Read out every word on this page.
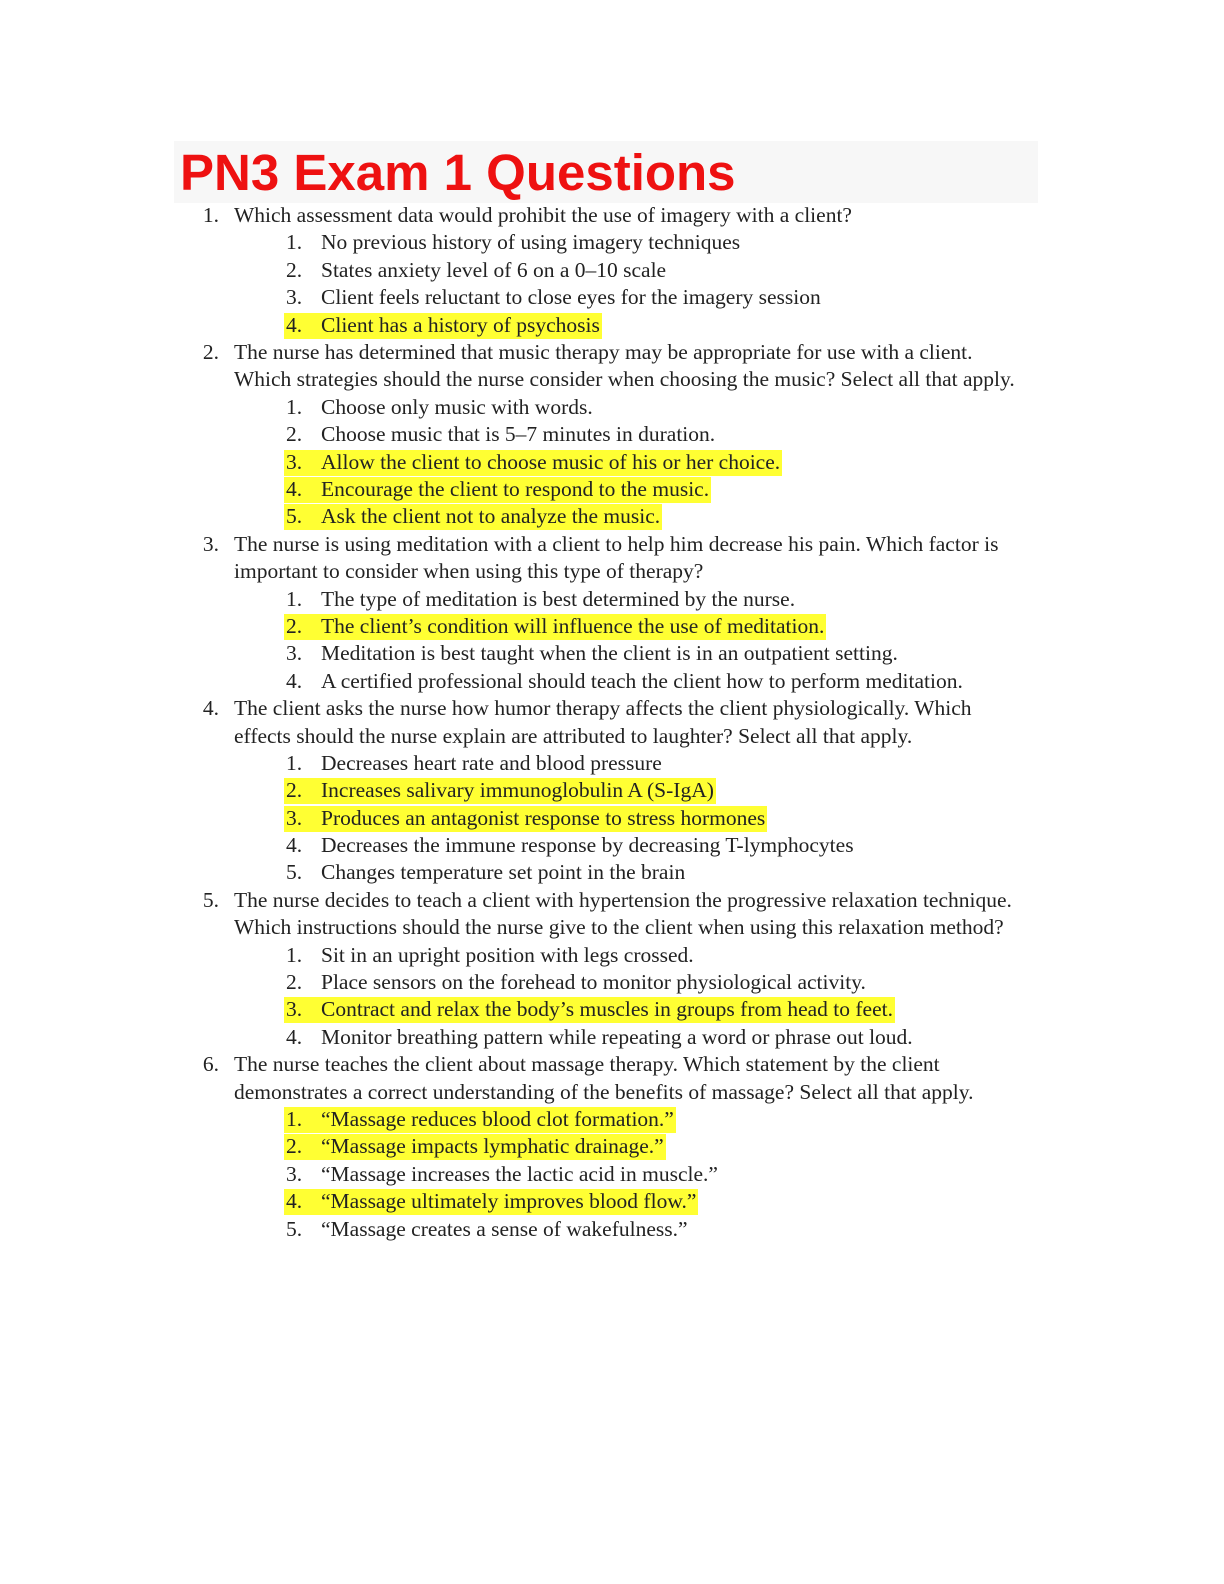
PN3 Exam 1 Questions
1. Which assessment data would prohibit the use of imagery with a client?
1. No previous history of using imagery techniques
2. States anxiety level of 6 on a 0–10 scale
3. Client feels reluctant to close eyes for the imagery session
4. Client has a history of psychosis
2. The nurse has determined that music therapy may be appropriate for use with a client. Which strategies should the nurse consider when choosing the music? Select all that apply.
1. Choose only music with words.
2. Choose music that is 5–7 minutes in duration.
3. Allow the client to choose music of his or her choice.
4. Encourage the client to respond to the music.
5. Ask the client not to analyze the music.
3. The nurse is using meditation with a client to help him decrease his pain. Which factor is important to consider when using this type of therapy?
1. The type of meditation is best determined by the nurse.
2. The client’s condition will influence the use of meditation.
3. Meditation is best taught when the client is in an outpatient setting.
4. A certified professional should teach the client how to perform meditation.
4. The client asks the nurse how humor therapy affects the client physiologically. Which effects should the nurse explain are attributed to laughter? Select all that apply.
1. Decreases heart rate and blood pressure
2. Increases salivary immunoglobulin A (S-IgA)
3. Produces an antagonist response to stress hormones
4. Decreases the immune response by decreasing T-lymphocytes
5. Changes temperature set point in the brain
5. The nurse decides to teach a client with hypertension the progressive relaxation technique. Which instructions should the nurse give to the client when using this relaxation method?
1. Sit in an upright position with legs crossed.
2. Place sensors on the forehead to monitor physiological activity.
3. Contract and relax the body’s muscles in groups from head to feet.
4. Monitor breathing pattern while repeating a word or phrase out loud.
6. The nurse teaches the client about massage therapy. Which statement by the client demonstrates a correct understanding of the benefits of massage? Select all that apply.
1. “Massage reduces blood clot formation.”
2. “Massage impacts lymphatic drainage.”
3. “Massage increases the lactic acid in muscle.”
4. “Massage ultimately improves blood flow.”
5. “Massage creates a sense of wakefulness.”
